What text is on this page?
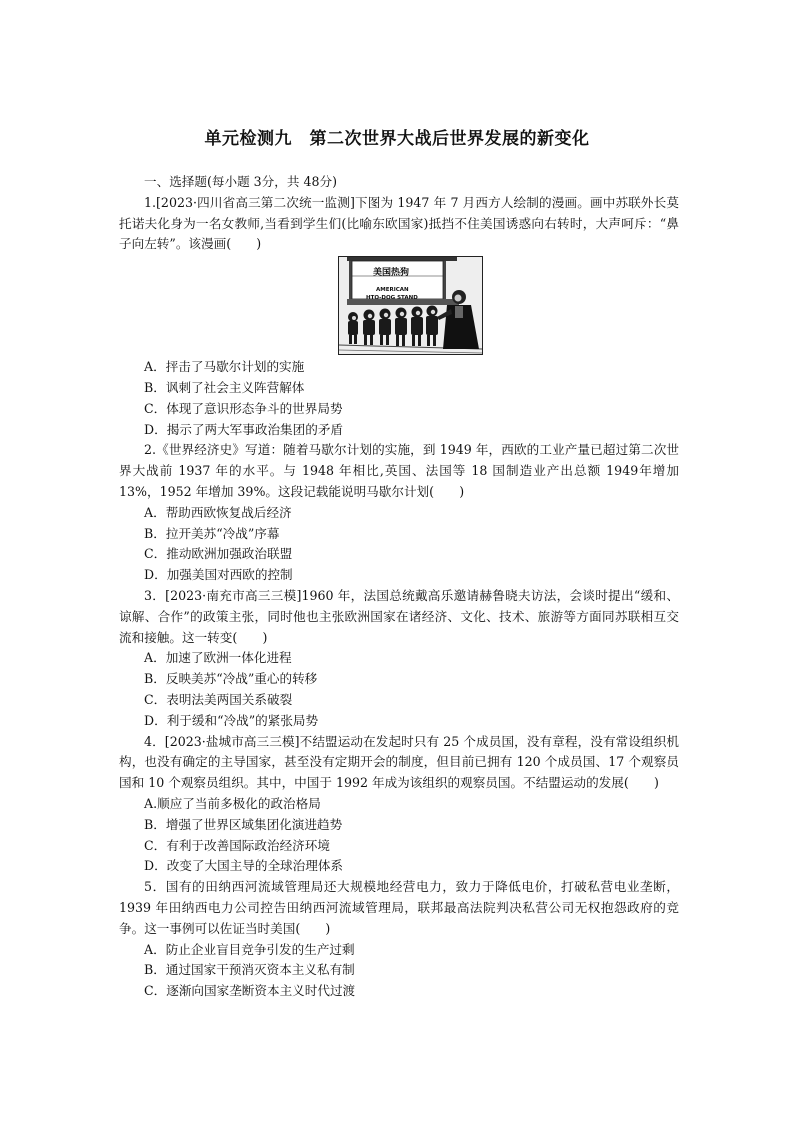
单元检测九　第二次世界大战后世界发展的新变化
一、选择题(每小题 3分，共 48分)

1.[2023·四川省高三第二次统一监测]下图为 1947 年 7 月西方人绘制的漫画。画中苏联外长莫托诺夫化身为一名女教师,当看到学生们(比喻东欧国家)抵挡不住美国诱惑向右转时，大声呵斥：“鼻子向左转”。该漫画(　　)

美国热狗
AMERICAN
HTO-DOG STAND

A．抨击了马歇尔计划的实施

B．讽刺了社会主义阵营解体

C．体现了意识形态争斗的世界局势

D．揭示了两大军事政治集团的矛盾

2.《世界经济史》写道：随着马歇尔计划的实施，到 1949 年，西欧的工业产量已超过第二次世界大战前 1937 年的水平。与 1948 年相比,英国、法国等 18 国制造业产出总额 1949年增加 13%，1952 年增加 39%。这段记载能说明马歇尔计划(　　)

A．帮助西欧恢复战后经济

B．拉开美苏“冷战”序幕

C．推动欧洲加强政治联盟

D．加强美国对西欧的控制

3．[2023·南充市高三三模]1960 年，法国总统戴高乐邀请赫鲁晓夫访法，会谈时提出“缓和、谅解、合作”的政策主张，同时他也主张欧洲国家在诸经济、文化、技术、旅游等方面同苏联相互交流和接触。这一转变(　　)

A．加速了欧洲一体化进程

B．反映美苏“冷战”重心的转移

C．表明法美两国关系破裂

D．利于缓和“冷战”的紧张局势

4．[2023·盐城市高三三模]不结盟运动在发起时只有 25 个成员国，没有章程，没有常设组织机构，也没有确定的主导国家，甚至没有定期开会的制度，但目前已拥有 120 个成员国、17 个观察员国和 10 个观察员组织。其中，中国于 1992 年成为该组织的观察员国。不结盟运动的发展(　　)

A.顺应了当前多极化的政治格局

B．增强了世界区域集团化演进趋势

C．有利于改善国际政治经济环境

D．改变了大国主导的全球治理体系

5．国有的田纳西河流域管理局还大规模地经营电力，致力于降低电价，打破私营电业垄断，1939 年田纳西电力公司控告田纳西河流域管理局，联邦最高法院判决私营公司无权抱怨政府的竞争。这一事例可以佐证当时美国(　　)

A．防止企业盲目竞争引发的生产过剩

B．通过国家干预消灭资本主义私有制

C．逐渐向国家垄断资本主义时代过渡
